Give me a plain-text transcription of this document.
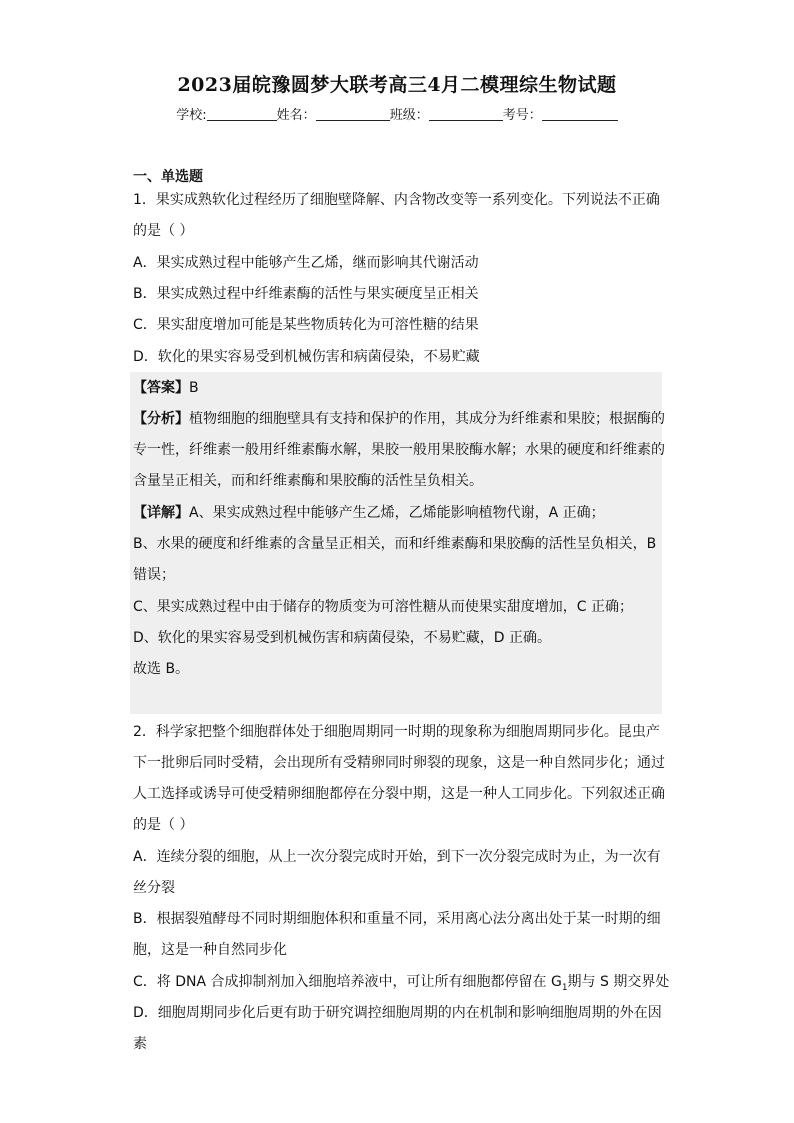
2023届皖豫圆梦大联考高三4月二模理综生物试题
学校:	姓名：	班级：	考号：
一、单选题
1．果实成熟软化过程经历了细胞壁降解、内含物改变等一系列变化。下列说法不正确
的是（ ）
A．果实成熟过程中能够产生乙烯，继而影响其代谢活动
B．果实成熟过程中纤维素酶的活性与果实硬度呈正相关
C．果实甜度增加可能是某些物质转化为可溶性糖的结果
D．软化的果实容易受到机械伤害和病菌侵染，不易贮藏
【答案】B
【分析】植物细胞的细胞壁具有支持和保护的作用，其成分为纤维素和果胶；根据酶的
专一性，纤维素一般用纤维素酶水解，果胶一般用果胶酶水解；水果的硬度和纤维素的
含量呈正相关，而和纤维素酶和果胶酶的活性呈负相关。
【详解】A、果实成熟过程中能够产生乙烯，乙烯能影响植物代谢，A 正确；
B、水果的硬度和纤维素的含量呈正相关，而和纤维素酶和果胶酶的活性呈负相关，B
错误；
C、果实成熟过程中由于储存的物质变为可溶性糖从而使果实甜度增加，C 正确；
D、软化的果实容易受到机械伤害和病菌侵染，不易贮藏，D 正确。
故选 B。
2．科学家把整个细胞群体处于细胞周期同一时期的现象称为细胞周期同步化。昆虫产
下一批卵后同时受精，会出现所有受精卵同时卵裂的现象，这是一种自然同步化；通过
人工选择或诱导可使受精卵细胞都停在分裂中期，这是一种人工同步化。下列叙述正确
的是（ ）
A．连续分裂的细胞，从上一次分裂完成时开始，到下一次分裂完成时为止，为一次有
丝分裂
B．根据裂殖酵母不同时期细胞体积和重量不同，采用离心法分离出处于某一时期的细
胞，这是一种自然同步化
C．将 DNA 合成抑制剂加入细胞培养液中，可让所有细胞都停留在 $G_1$期与 S 期交界处
D．细胞周期同步化后更有助于研究调控细胞周期的内在机制和影响细胞周期的外在因
素
